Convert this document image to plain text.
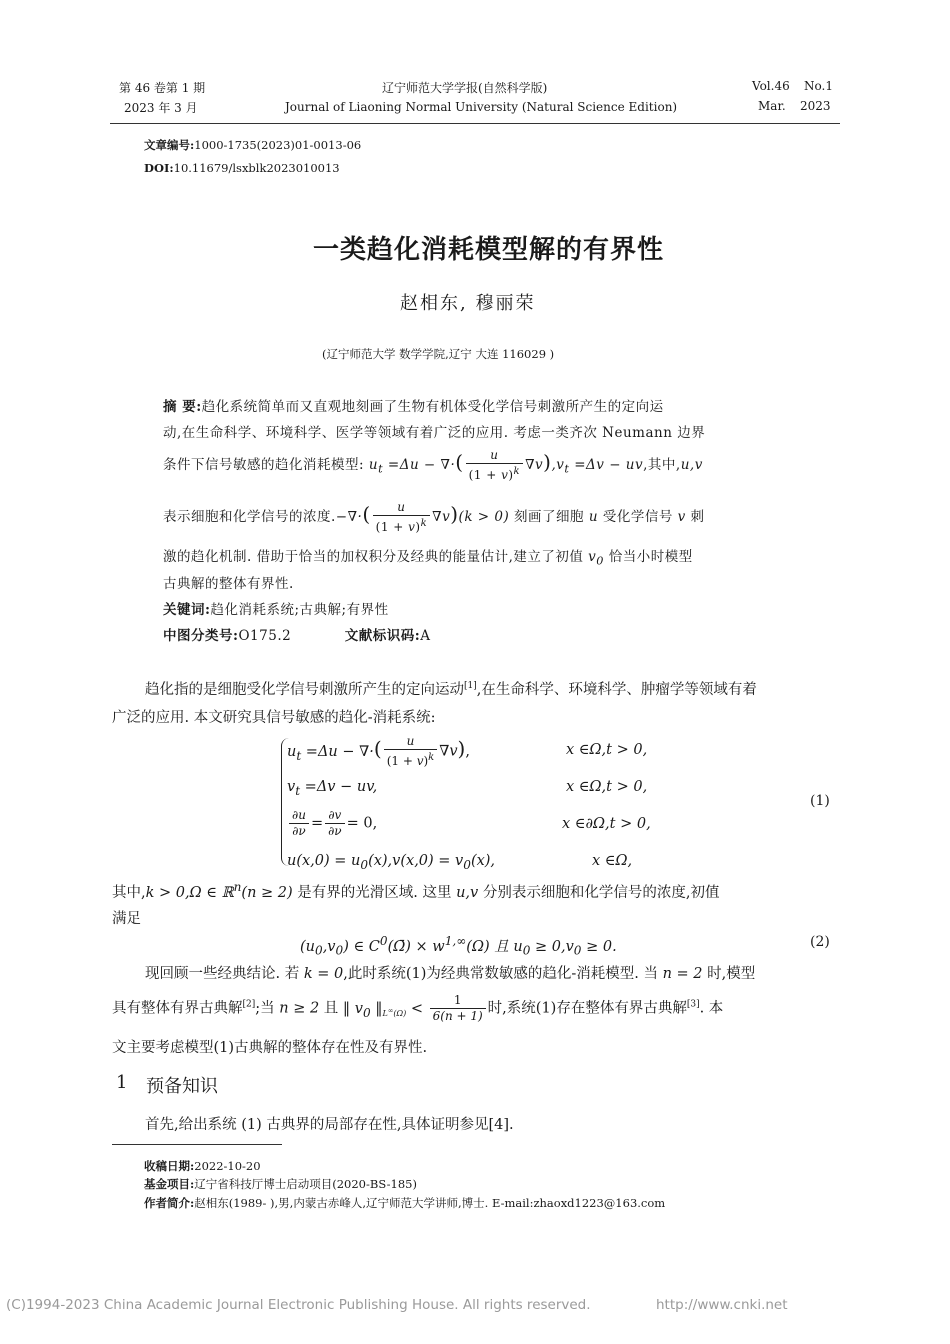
第 46 卷第 1 期
2023 年 3 月
辽宁师范大学学报(自然科学版)
Journal of Liaoning Normal University (Natural Science Edition)
Vol.46 No.1
Mar. 2023
文章编号:1000-1735(2023)01-0013-06
DOI:10.11679/lsxblk2023010013
一类趋化消耗模型解的有界性
赵相东, 穆丽荣
(辽宁师范大学 数学学院,辽宁 大连 116029 )
摘 要:趋化系统简单而又直观地刻画了生物有机体受化学信号刺激所产生的定向运
动,在生命科学、环境科学、医学等领域有着广泛的应用. 考虑一类齐次 Neumann 边界
条件下信号敏感的趋化消耗模型: $u_t =\Delta u$ − ∇·( $\frac{u}{(1 + v)^k} \nabla v),v_t =\Delta v$ − uv,其中,u,v
表示细胞和化学信号的浓度.−∇·( $\frac{u}{(1 + v)^k} \nabla v)(k > 0)$ 刻画了细胞 u 受化学信号 v 刺
激的趋化机制. 借助于恰当的加权积分及经典的能量估计,建立了初值 $v_0$ 恰当小时模型
古典解的整体有界性.
关键词:趋化消耗系统;古典解;有界性
中图分类号:O175.2	文献标识码:A
趋化指的是细胞受化学信号刺激所产生的定向运动[1],在生命科学、环境科学、肿瘤学等领域有着
广泛的应用. 本文研究具信号敏感的趋化-消耗系统:
$u_t =\Delta u$ − ∇·( $\frac{u}{(1 + v)^k} \nabla v$),	x ∈Ω,t > 0,
$v_t =\Delta v$ − uv,	x ∈Ω,t > 0,
$\frac{\partial u}{\partial\nu} = \frac{\partial v}{\partial\nu} = 0$,	x ∈∂Ω,t > 0,
$u(x,0) = u_0(x),v(x,0) = v_0(x)$,	x ∈Ω,
(1)
其中,k > 0,Ω ∈ ℝ$^n$(n ≥ 2) 是有界的光滑区域. 这里 u,v 分别表示细胞和化学信号的浓度,初值
满足
$(u_0,v_0)$ ∈ $C^0(\Omegā) \times w^{1,\infty}(\Omega)$ 且 $u_0 \ge 0,v_0 \ge 0$.	(2)
现回顾一些经典结论. 若 k = 0,此时系统(1)为经典常数敏感的趋化-消耗模型. 当 n = 2 时,模型
具有整体有界古典解[2];当 n ≥ 2 且 ‖ $v_0$ $‖_{L^\infty(\Omega)} < \frac{1}{6(n + 1)}$ 时,系统(1)存在整体有界古典解[3]. 本
文主要考虑模型(1)古典解的整体存在性及有界性.
1 预备知识
首先,给出系统 (1) 古典界的局部存在性,具体证明参见[4].
收稿日期:2022-10-20
基金项目:辽宁省科技厅博士启动项目(2020-BS-185)
作者简介:赵相东(1989- ),男,内蒙古赤峰人,辽宁师范大学讲师,博士. E-mail:zhaoxd1223@163.com
(C)1994-2023 China Academic Journal Electronic Publishing House. All rights reserved.	http://www.cnki.net
